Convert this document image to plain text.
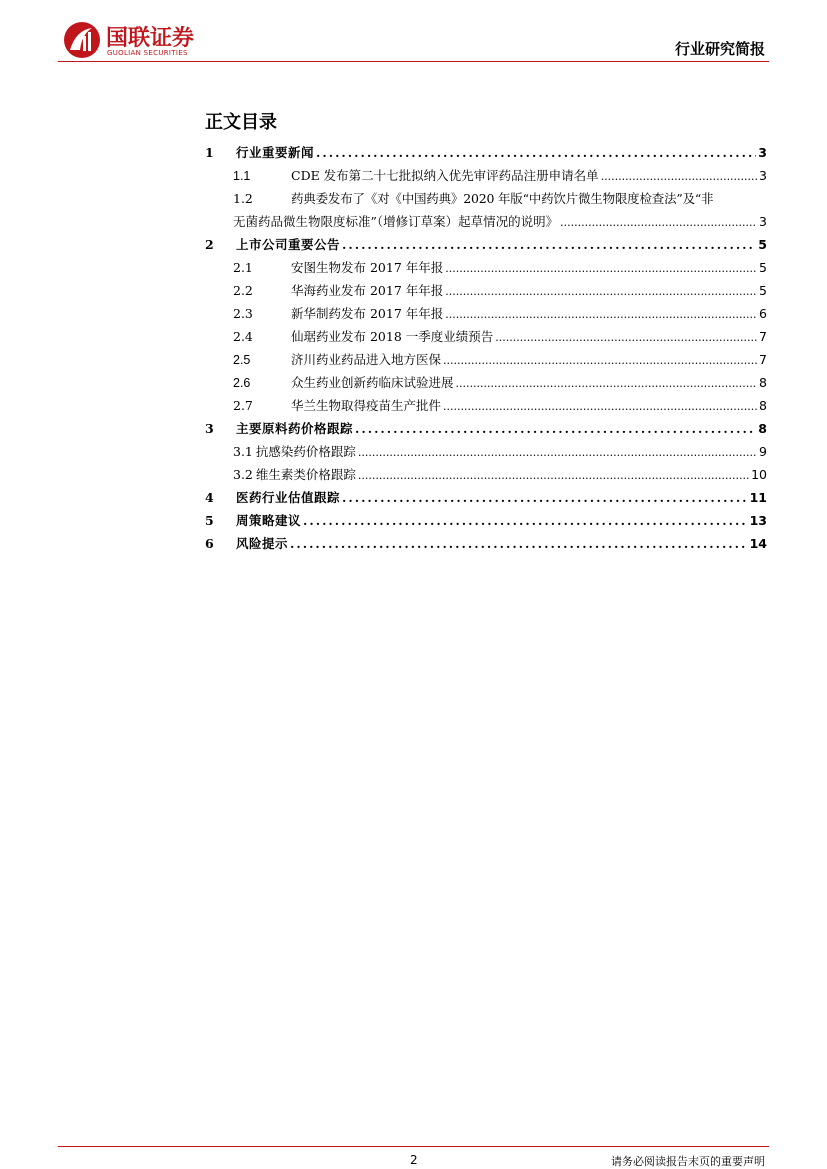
国联证券
GUOLIAN SECURITIES	行业研究简报
正文目录
1	行业重要新闻 .....	3
1.1	CDE 发布第二十七批拟纳入优先审评药品注册申请名单 .....	3
1.2	药典委发布了《对《中国药典》2020 年版“中药饮片微生物限度检查法”及“非
无菌药品微生物限度标准”（增修订草案）起草情况的说明》 .....	3
2	上市公司重要公告 .....	5
2.1	安图生物发布 2017 年年报 .....	5
2.2	华海药业发布 2017 年年报 .....	5
2.3	新华制药发布 2017 年年报 .....	6
2.4	仙琚药业发布 2018 一季度业绩预告 .....	7
2.5	济川药业药品进入地方医保 .....	7
2.6	众生药业创新药临床试验进展 .....	8
2.7	华兰生物取得疫苗生产批件 .....	8
3	主要原料药价格跟踪 .....	8
3.1 抗感染药价格跟踪 .....	9
3.2 维生素类价格跟踪 .....	10
4	医药行业估值跟踪 .....	11
5	周策略建议 .....	13
6	风险提示 .....	14
2	请务必阅读报告末页的重要声明
